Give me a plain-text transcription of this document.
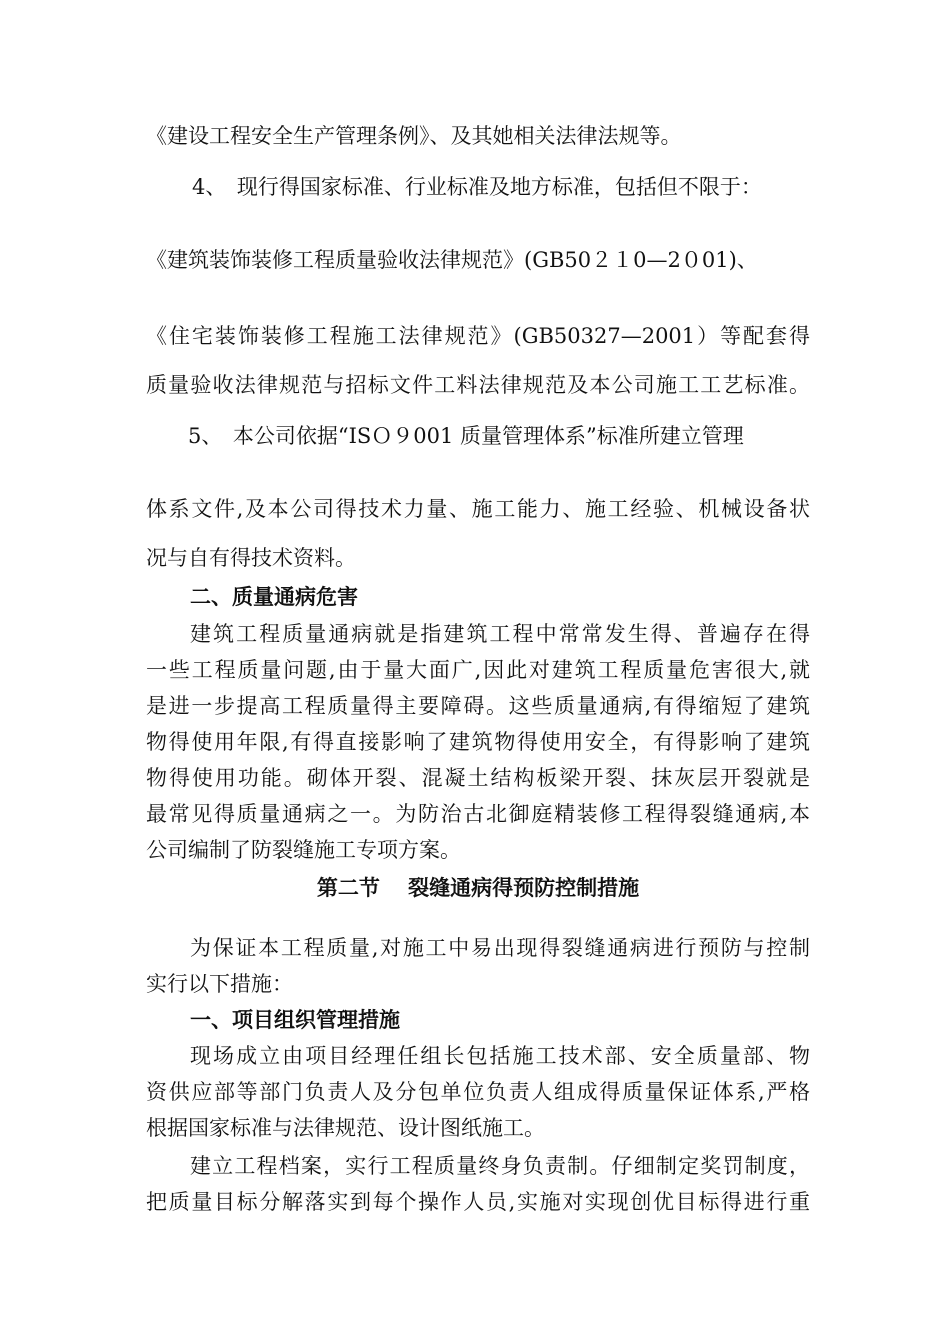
《建设工程安全生产管理条例》、及其她相关法律法规等。
4、　现行得国家标准、行业标准及地方标准，包括但不限于：
《建筑装饰装修工程质量验收法律规范》(GB50２１0—2０01)、
《住宅装饰装修工程施工法律规范》(GB50327—2001）等配套得
质量验收法律规范与招标文件工料法律规范及本公司施工工艺标准。
5、　本公司依据“ISＯ９001 质量管理体系”标准所建立管理
体系文件,及本公司得技术力量、施工能力、施工经验、机械设备状
况与自有得技术资料。
二、质量通病危害
建筑工程质量通病就是指建筑工程中常常发生得、普遍存在得
一些工程质量问题,由于量大面广,因此对建筑工程质量危害很大,就
是进一步提高工程质量得主要障碍。这些质量通病,有得缩短了建筑
物得使用年限,有得直接影响了建筑物得使用安全，有得影响了建筑
物得使用功能。砌体开裂、混凝土结构板梁开裂、抹灰层开裂就是
最常见得质量通病之一。为防治古北御庭精装修工程得裂缝通病,本
公司编制了防裂缝施工专项方案。
第二节　 裂缝通病得预防控制措施
为保证本工程质量,对施工中易出现得裂缝通病进行预防与控制
实行以下措施：
一、项目组织管理措施
现场成立由项目经理任组长包括施工技术部、安全质量部、物
资供应部等部门负责人及分包单位负责人组成得质量保证体系,严格
根据国家标准与法律规范、设计图纸施工。
建立工程档案，实行工程质量终身负责制。仔细制定奖罚制度，
把质量目标分解落实到每个操作人员,实施对实现创优目标得进行重
